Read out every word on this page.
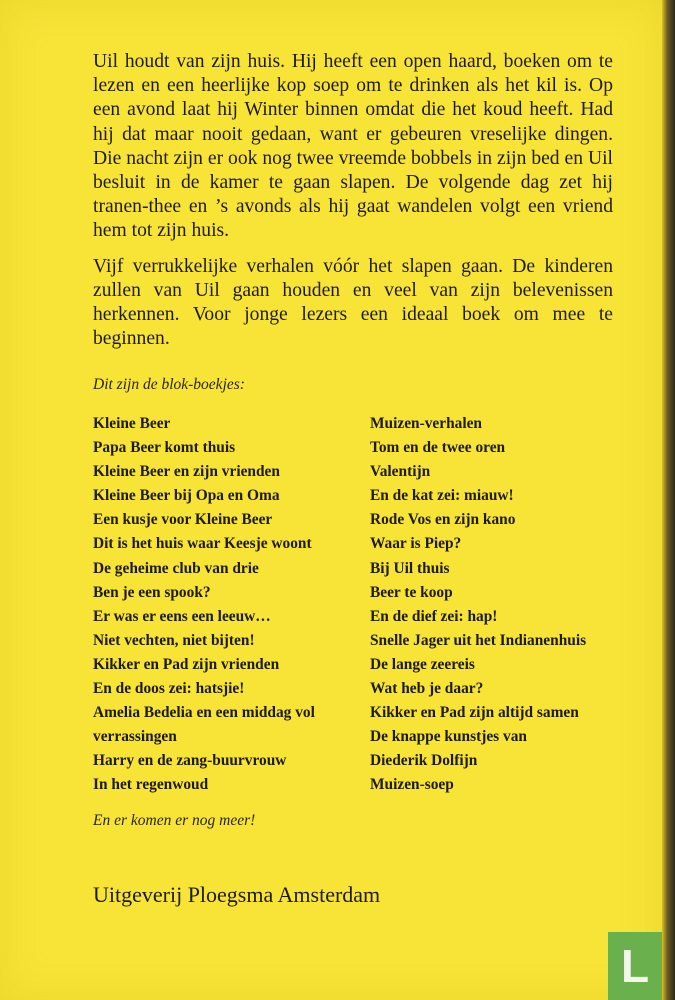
Uil houdt van zijn huis. Hij heeft een open haard, boeken om te lezen en een heerlijke kop soep om te drinken als het kil is. Op een avond laat hij Winter binnen omdat die het koud heeft. Had hij dat maar nooit gedaan, want er gebeuren vreselijke dingen. Die nacht zijn er ook nog twee vreemde bobbels in zijn bed en Uil besluit in de kamer te gaan slapen. De volgende dag zet hij tranen-thee en ’s avonds als hij gaat wandelen volgt een vriend hem tot zijn huis.

Vijf verrukkelijke verhalen vóór het slapen gaan. De kinderen zullen van Uil gaan houden en veel van zijn belevenissen herkennen. Voor jonge lezers een ideaal boek om mee te beginnen.

Dit zijn de blok-boekjes:
Kleine Beer
Papa Beer komt thuis
Kleine Beer en zijn vrienden
Kleine Beer bij Opa en Oma
Een kusje voor Kleine Beer
Dit is het huis waar Keesje woont
De geheime club van drie
Ben je een spook?
Er was er eens een leeuw…
Niet vechten, niet bijten!
Kikker en Pad zijn vrienden
En de doos zei: hatsjie!
Amelia Bedelia en een middag vol
verrassingen
Harry en de zang-buurvrouw
In het regenwoud
Muizen-verhalen
Tom en de twee oren
Valentijn
En de kat zei: miauw!
Rode Vos en zijn kano
Waar is Piep?
Bij Uil thuis
Beer te koop
En de dief zei: hap!
Snelle Jager uit het Indianenhuis
De lange zeereis
Wat heb je daar?
Kikker en Pad zijn altijd samen
De knappe kunstjes van
Diederik Dolfijn
Muizen-soep
En er komen er nog meer!
Uitgeverij Ploegsma Amsterdam
L
